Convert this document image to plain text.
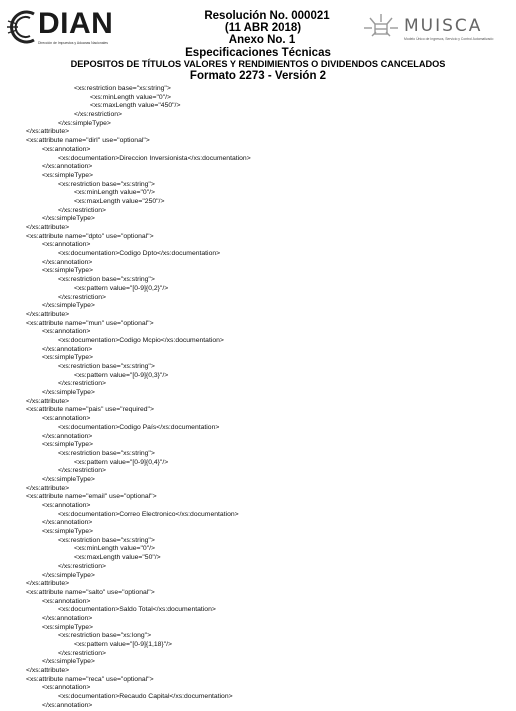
DIAN
Dirección de Impuestos y Aduanas Nacionales
Resolución No. 000021
(11 ABR 2018)
Anexo No. 1
Especificaciones Técnicas
DEPOSITOS DE TÍTULOS VALORES Y RENDIMIENTOS O DIVIDENDOS CANCELADOS
Formato 2273 - Versión 2
MUISCA
Modelo Único de Ingresos, Servicio y Control Automatizado
<xs:restriction base="xs:string">
<xs:minLength value="0"/>
<xs:maxLength value="450"/>
</xs:restriction>
</xs:simpleType>
</xs:attribute>
<xs:attribute name="dirI" use="optional">
<xs:annotation>
<xs:documentation>Direccion Inversionista</xs:documentation>
</xs:annotation>
<xs:simpleType>
<xs:restriction base="xs:string">
<xs:minLength value="0"/>
<xs:maxLength value="250"/>
</xs:restriction>
</xs:simpleType>
</xs:attribute>
<xs:attribute name="dpto" use="optional">
<xs:annotation>
<xs:documentation>Codigo Dpto</xs:documentation>
</xs:annotation>
<xs:simpleType>
<xs:restriction base="xs:string">
<xs:pattern value="[0-9]{0,2}"/>
</xs:restriction>
</xs:simpleType>
</xs:attribute>
<xs:attribute name="mun" use="optional">
<xs:annotation>
<xs:documentation>Codigo Mcpio</xs:documentation>
</xs:annotation>
<xs:simpleType>
<xs:restriction base="xs:string">
<xs:pattern value="[0-9]{0,3}"/>
</xs:restriction>
</xs:simpleType>
</xs:attribute>
<xs:attribute name="pais" use="required">
<xs:annotation>
<xs:documentation>Codigo País</xs:documentation>
</xs:annotation>
<xs:simpleType>
<xs:restriction base="xs:string">
<xs:pattern value="[0-9]{0,4}"/>
</xs:restriction>
</xs:simpleType>
</xs:attribute>
<xs:attribute name="email" use="optional">
<xs:annotation>
<xs:documentation>Correo Electronico</xs:documentation>
</xs:annotation>
<xs:simpleType>
<xs:restriction base="xs:string">
<xs:minLength value="0"/>
<xs:maxLength value="50"/>
</xs:restriction>
</xs:simpleType>
</xs:attribute>
<xs:attribute name="salto" use="optional">
<xs:annotation>
<xs:documentation>Saldo Total</xs:documentation>
</xs:annotation>
<xs:simpleType>
<xs:restriction base="xs:long">
<xs:pattern value="[0-9]{1,18}"/>
</xs:restriction>
</xs:simpleType>
</xs:attribute>
<xs:attribute name="reca" use="optional">
<xs:annotation>
<xs:documentation>Recaudo Capital</xs:documentation>
</xs:annotation>
